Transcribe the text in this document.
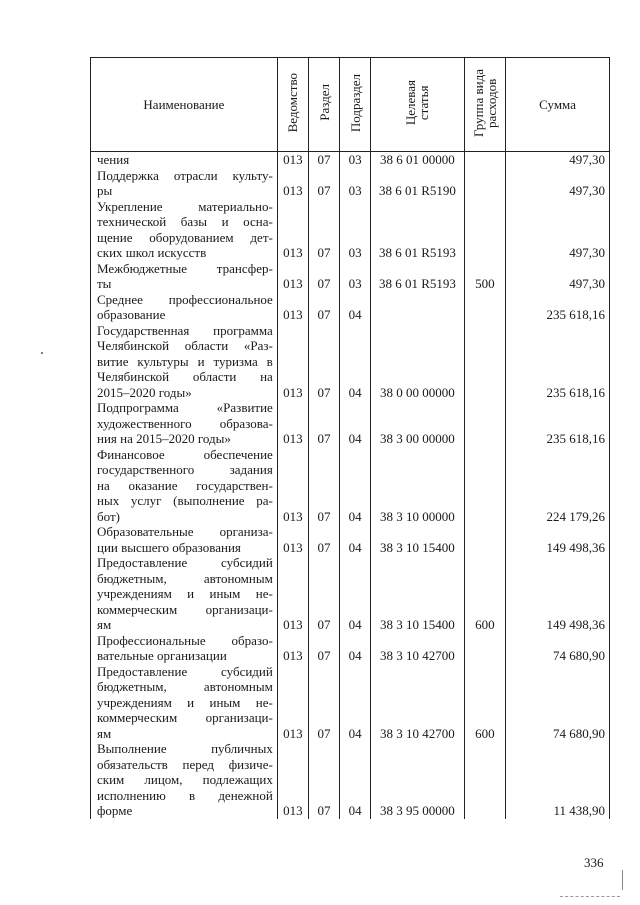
Наименование	Ведомство	Раздел	Подраздел	Целевая
статья	Группа вида
расходов	Сумма

чения	013	07	03	38 6 01 00000		497,30

Поддержка отрасли культу-
ры	013	07	03	38 6 01 R5190		497,30

Укрепление материально-
технической базы и осна-
щение оборудованием дет-
ских школ искусств	013	07	03	38 6 01 R5193		497,30

Межбюджетные трансфер-
ты	013	07	03	38 6 01 R5193	500	497,30

Среднее профессиональное
образование	013	07	04			235 618,16

Государственная программа
Челябинской области «Раз-
витие культуры и туризма в
Челябинской области на
2015–2020 годы»	013	07	04	38 0 00 00000		235 618,16

Подпрограмма «Развитие
художественного образова-
ния на 2015–2020 годы»	013	07	04	38 3 00 00000		235 618,16

Финансовое обеспечение
государственного задания
на оказание государствен-
ных услуг (выполнение ра-
бот)	013	07	04	38 3 10 00000		224 179,26

Образовательные организа-
ции высшего образования	013	07	04	38 3 10 15400		149 498,36

Предоставление субсидий
бюджетным, автономным
учреждениям и иным не-
коммерческим организаци-
ям	013	07	04	38 3 10 15400	600	149 498,36

Профессиональные образо-
вательные организации	013	07	04	38 3 10 42700		74 680,90

Предоставление субсидий
бюджетным, автономным
учреждениям и иным не-
коммерческим организаци-
ям	013	07	04	38 3 10 42700	600	74 680,90

Выполнение публичных
обязательств перед физиче-
ским лицом, подлежащих
исполнению в денежной
форме	013	07	04	38 3 95 00000		11 438,90
336
